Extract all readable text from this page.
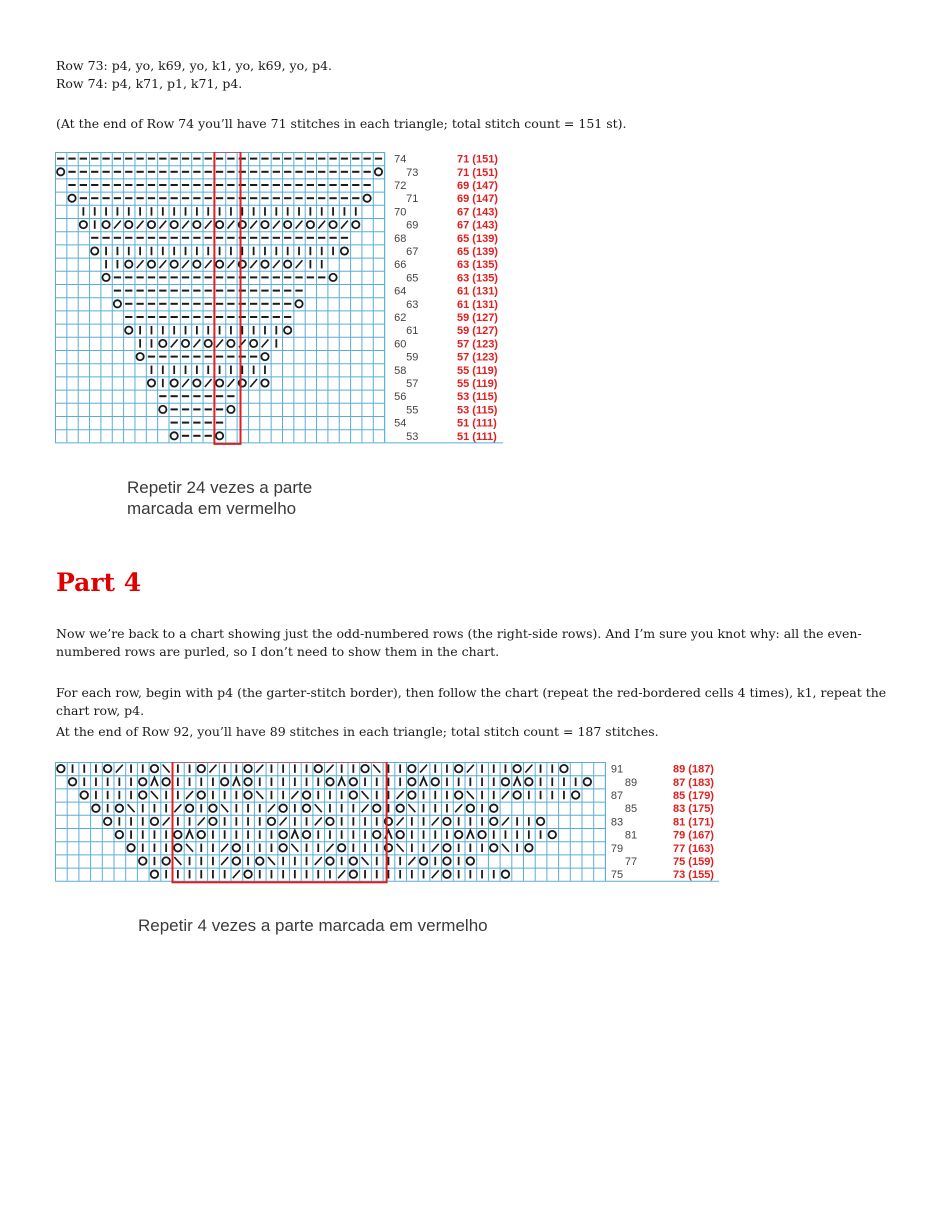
Row 73: p4, yo, k69, yo, k1, yo, k69, yo, p4.

Row 74: p4, k71, p1, k71, p4.

(At the end of Row 74 you’ll have 71 stitches in each triangle; total stitch count = 151 st).

74	71 (151)
73	71 (151)
72	69 (147)
71	69 (147)
70	67 (143)
69	67 (143)
68	65 (139)
67	65 (139)
66	63 (135)
65	63 (135)
64	61 (131)
63	61 (131)
62	59 (127)
61	59 (127)
60	57 (123)
59	57 (123)
58	55 (119)
57	55 (119)
56	53 (115)
55	53 (115)
54	51 (111)
53	51 (111)

Repetir 24 vezes a parte

marcada em vermelho

Part 4

Now we’re back to a chart showing just the odd-numbered rows (the right-side rows). And I’m sure you knot why: all the even-numbered rows are purled, so I don’t need to show them in the chart.

For each row, begin with p4 (the garter-stitch border), then follow the chart (repeat the red-bordered cells 4 times), k1, repeat the chart row, p4.

At the end of Row 92, you’ll have 89 stitches in each triangle; total stitch count = 187 stitches.

91	89 (187)
89	87 (183)
87	85 (179)
85	83 (175)
83	81 (171)
81	79 (167)
79	77 (163)
77	75 (159)
75	73 (155)

Repetir 4 vezes a parte marcada em vermelho
